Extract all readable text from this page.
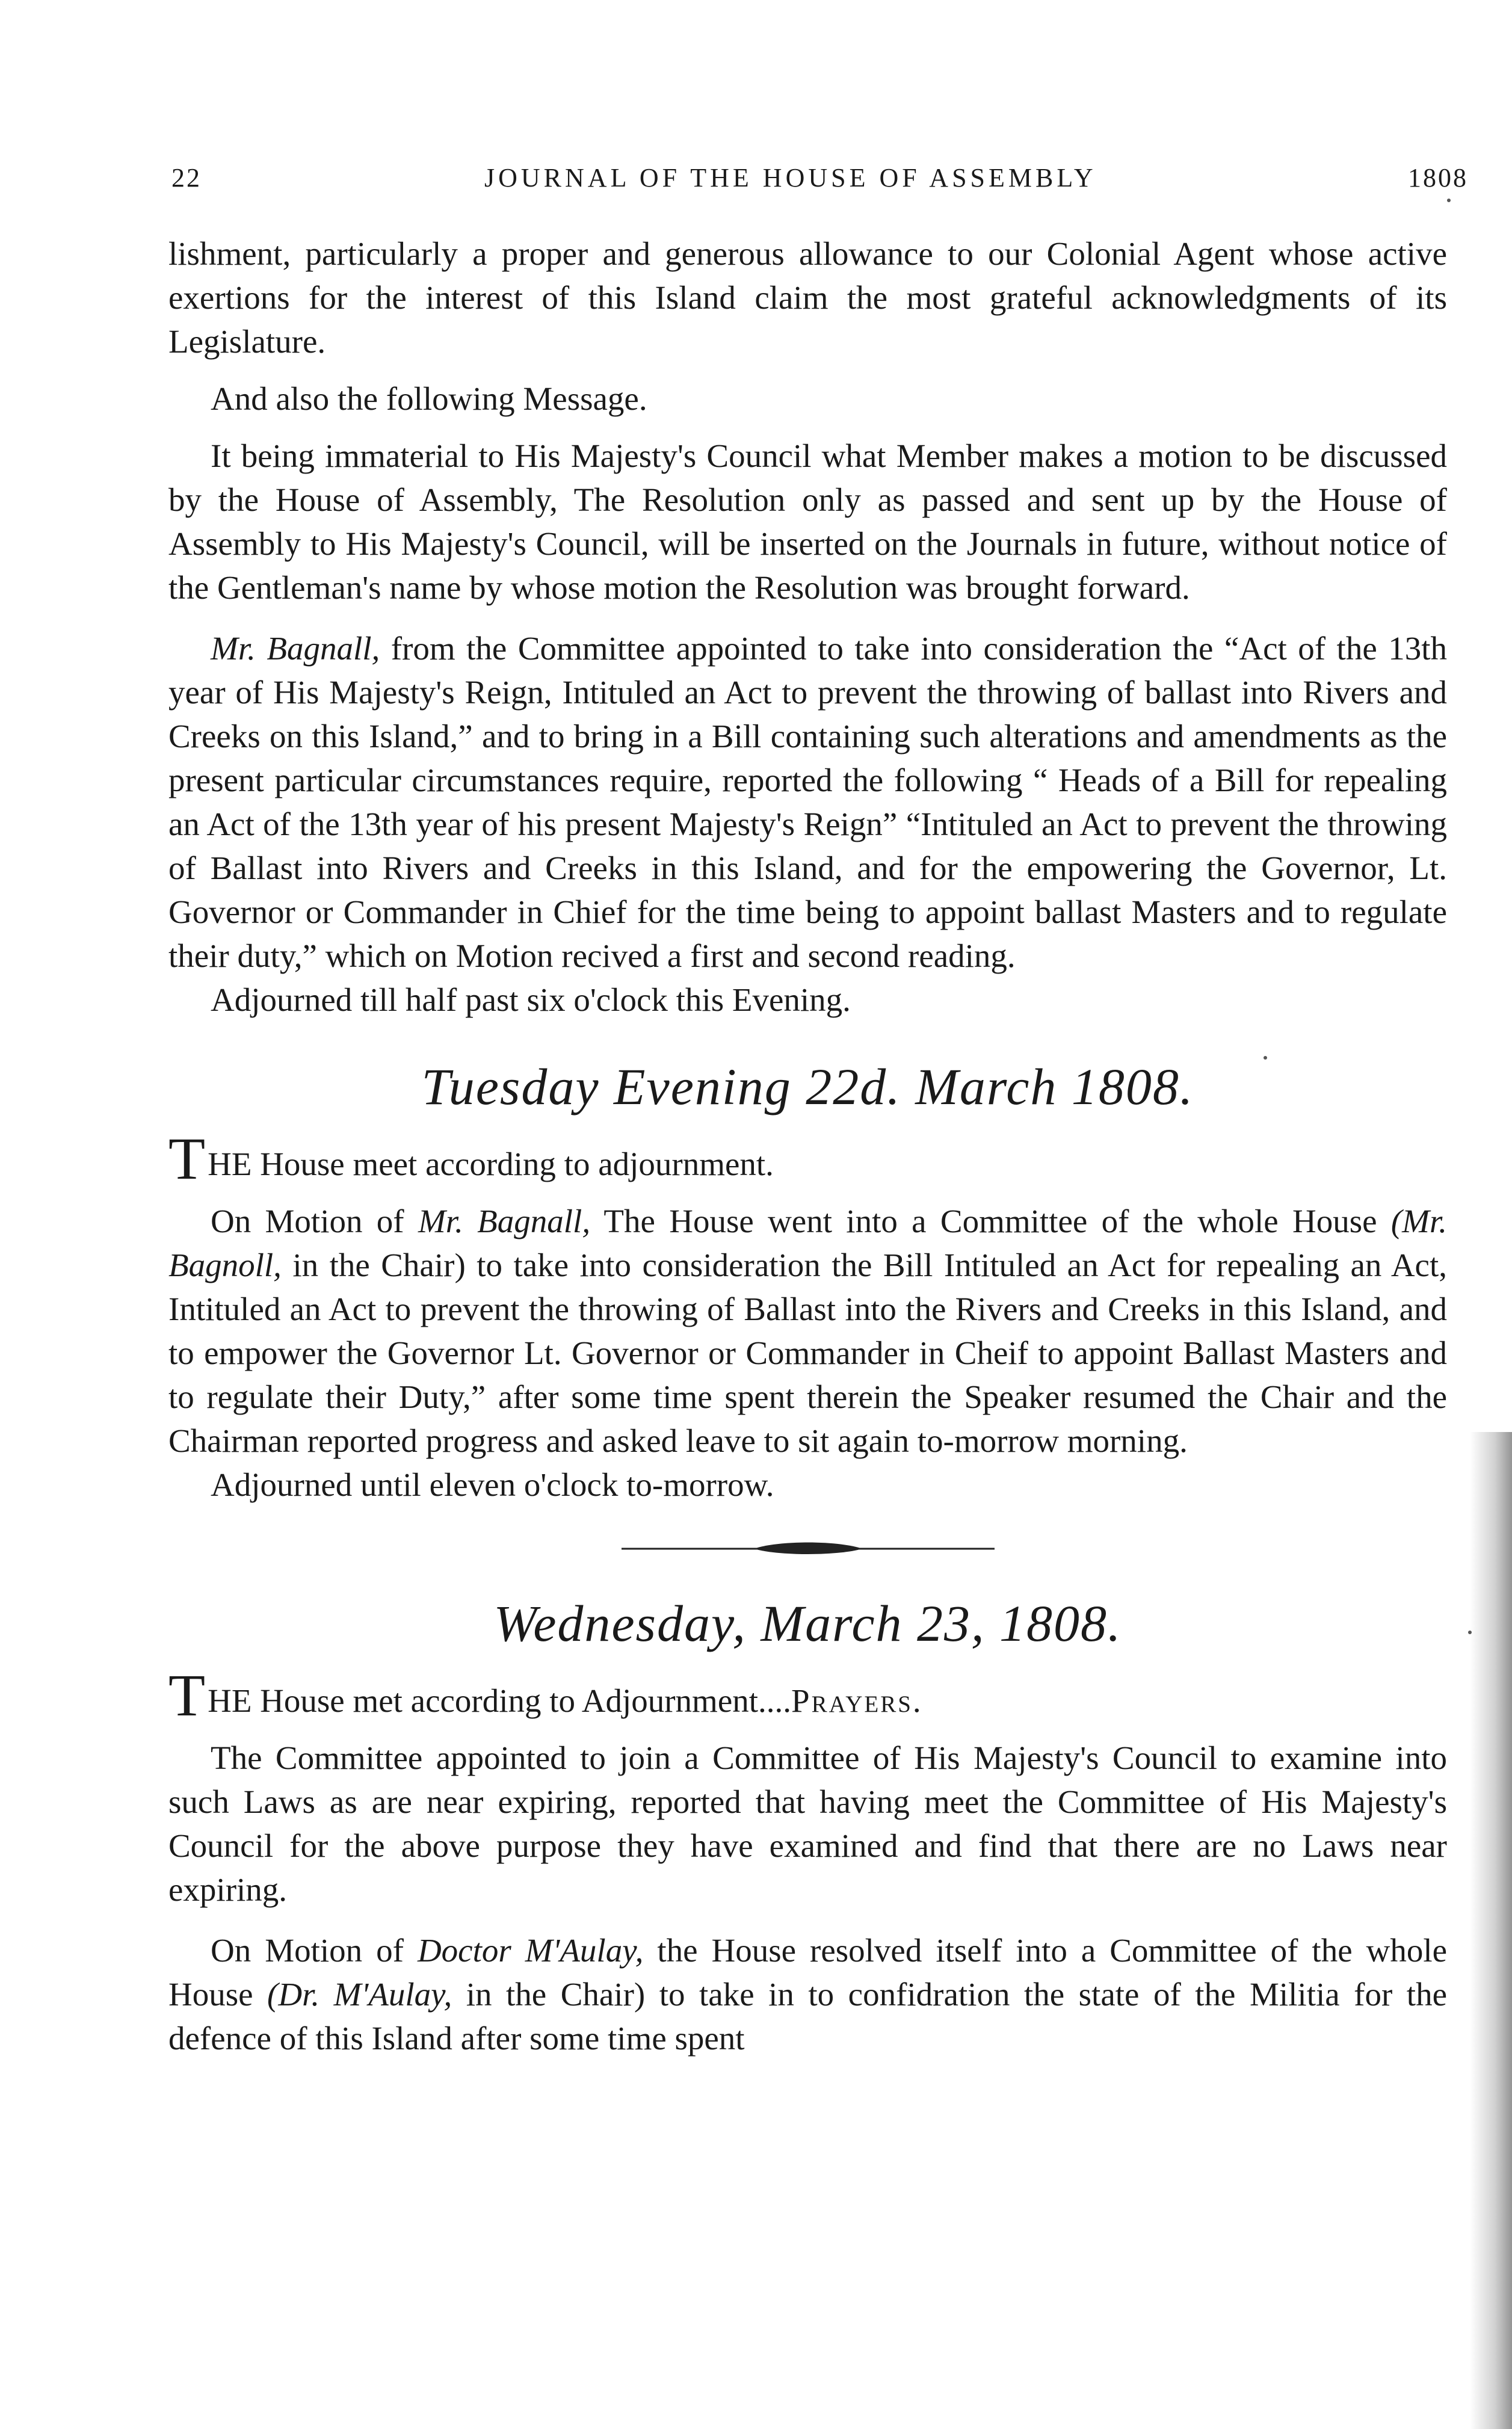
22	JOURNAL OF THE HOUSE OF ASSEMBLY	1808

lishment, particularly a proper and generous allowance to our Colonial Agent whose active exertions for the interest of this Island claim the most grateful acknowledgments of its Legislature.

And also the following Message.

It being immaterial to His Majesty's Council what Member makes a motion to be discussed by the House of Assembly, The Resolution only as passed and sent up by the House of Assembly to His Majesty's Council, will be inserted on the Journals in future, without notice of the Gentleman's name by whose motion the Resolution was brought forward.

Mr. Bagnall, from the Committee appointed to take into consideration the “Act of the 13th year of His Majesty's Reign, Intituled an Act to prevent the throwing of ballast into Rivers and Creeks on this Island,” and to bring in a Bill containing such alterations and amendments as the present particular circumstances require, reported the following “ Heads of a Bill for repealing an Act of the 13th year of his present Majesty's Reign” “Intituled an Act to prevent the throwing of Ballast into Rivers and Creeks in this Island, and for the empowering the Governor, Lt. Governor or Commander in Chief for the time being to appoint ballast Masters and to regulate their duty,” which on Motion recived a first and second reading.

Adjourned till half past six o'clock this Evening.

Tuesday Evening 22d. March 1808.

THE House meet according to adjournment.

On Motion of Mr. Bagnall, The House went into a Committee of the whole House (Mr. Bagnoll, in the Chair) to take into consideration the Bill Intituled an Act for repealing an Act, Intituled an Act to prevent the throwing of Ballast into the Rivers and Creeks in this Island, and to empower the Governor Lt. Governor or Commander in Cheif to appoint Ballast Masters and to regulate their Duty,” after some time spent therein the Speaker resumed the Chair and the Chairman reported progress and asked leave to sit again to-morrow morning.

Adjourned until eleven o'clock to-morrow.

Wednesday, March 23, 1808.

THE House met according to Adjournment....Prayers.

The Committee appointed to join a Committee of His Majesty's Council to examine into such Laws as are near expiring, reported that having meet the Committee of His Majesty's Council for the above purpose they have examined and find that there are no Laws near expiring.

On Motion of Doctor M'Aulay, the House resolved itself into a Committee of the whole House (Dr. M'Aulay, in the Chair) to take in to confidration the state of the Militia for the defence of this Island after some time spent
